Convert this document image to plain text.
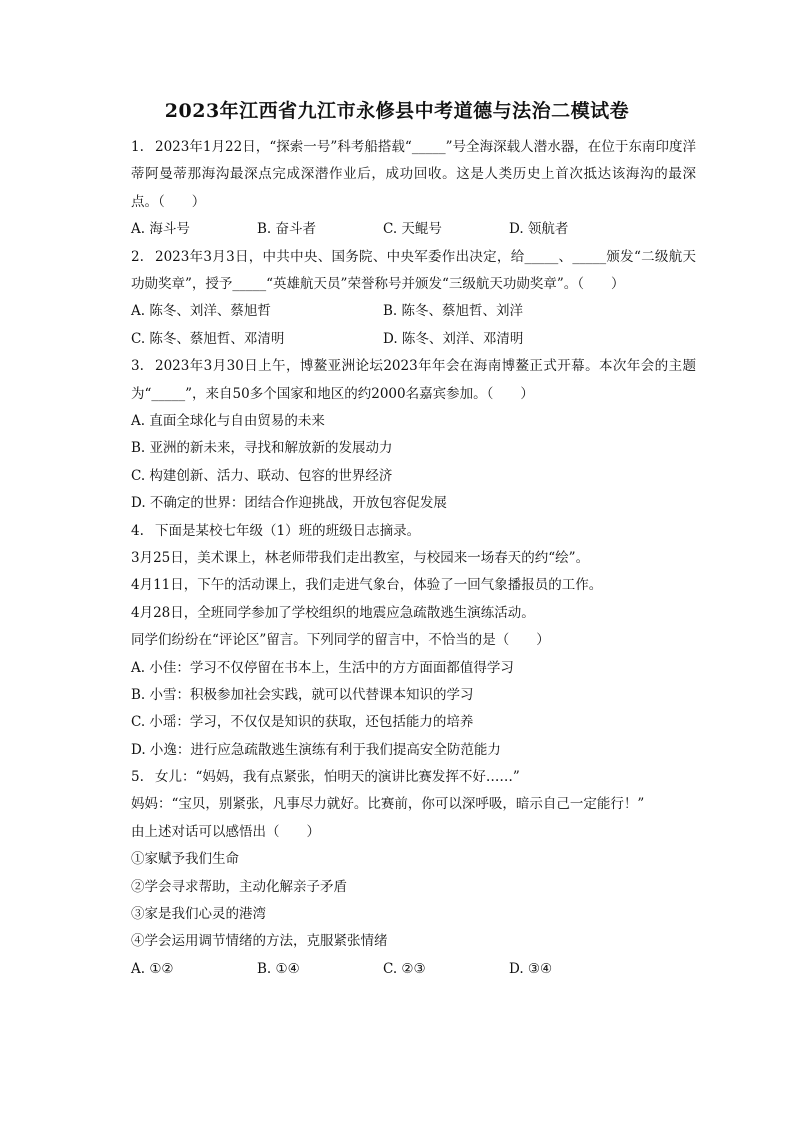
2023年江西省九江市永修县中考道德与法治二模试卷
1. 2023年1月22日，“探索一号”科考船搭载“_____”号全海深载人潜水器，在位于东南印度洋蒂阿曼蒂那海沟最深点完成深潜作业后，成功回收。这是人类历史上首次抵达该海沟的最深点。（　　）
A. 海斗号	B. 奋斗者	C. 天鲲号	D. 领航者
2. 2023年3月3日，中共中央、国务院、中央军委作出决定，给_____、_____颁发“二级航天功勋奖章”，授予_____“英雄航天员”荣誉称号并颁发“三级航天功勋奖章”。（　　）
A. 陈冬、刘洋、蔡旭哲	B. 陈冬、蔡旭哲、刘洋
C. 陈冬、蔡旭哲、邓清明	D. 陈冬、刘洋、邓清明
3. 2023年3月30日上午，博鳌亚洲论坛2023年年会在海南博鳌正式开幕。本次年会的主题为“_____”，来自50多个国家和地区的约2000名嘉宾参加。（　　）
A. 直面全球化与自由贸易的未来
B. 亚洲的新未来，寻找和解放新的发展动力
C. 构建创新、活力、联动、包容的世界经济
D. 不确定的世界：团结合作迎挑战，开放包容促发展
4. 下面是某校七年级（1）班的班级日志摘录。
3月25日，美术课上，林老师带我们走出教室，与校园来一场春天的约“绘”。
4月11日，下午的活动课上，我们走进气象台，体验了一回气象播报员的工作。
4月28日，全班同学参加了学校组织的地震应急疏散逃生演练活动。
同学们纷纷在“评论区”留言。下列同学的留言中，不恰当的是（　　）
A. 小佳：学习不仅停留在书本上，生活中的方方面面都值得学习
B. 小雪：积极参加社会实践，就可以代替课本知识的学习
C. 小瑶：学习，不仅仅是知识的获取，还包括能力的培养
D. 小逸：进行应急疏散逃生演练有利于我们提高安全防范能力
5. 女儿：“妈妈，我有点紧张，怕明天的演讲比赛发挥不好……”
妈妈：“宝贝，别紧张，凡事尽力就好。比赛前，你可以深呼吸，暗示自己一定能行！”
由上述对话可以感悟出（　　）
①家赋予我们生命
②学会寻求帮助，主动化解亲子矛盾
③家是我们心灵的港湾
④学会运用调节情绪的方法，克服紧张情绪
A. ①②	B. ①④	C. ②③	D. ③④
